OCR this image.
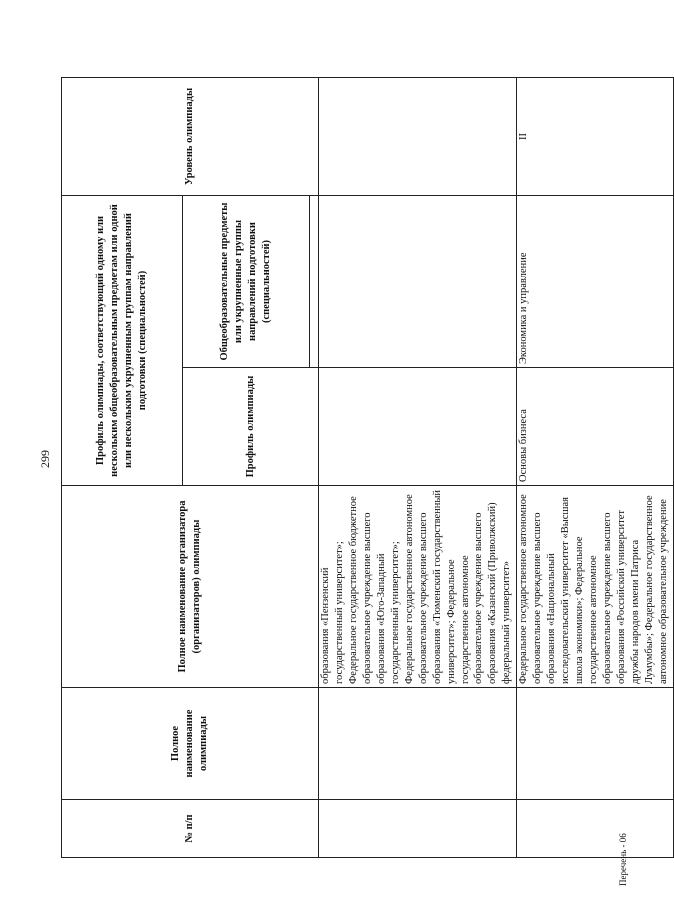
299
№ п/п	Полное наименование олимпиады	Полное наименование организатора (организаторов) олимпиады	Профиль олимпиады, соответствующий одному или нескольким общеобразовательным предметам или одной или нескольким укрупненным группам направлений подготовки (специальностей)		Уровень олимпиады
			Профиль олимпиады	Общеобразовательные предметы или укрупненные группы направлений подготовки (специальностей)	

		образования «Пензенский государственный университет»; Федеральное государственное бюджетное образовательное учреждение высшего образования «Юго-Западный государственный университет»; Федеральное государственное автономное образовательное учреждение высшего образования «Тюменский государственный университет»; Федеральное государственное автономное образовательное учреждение высшего образования «Казанский (Приволжский) федеральный университет»			
		Федеральное государственное автономное образовательное учреждение высшего образования «Национальный исследовательский университет «Высшая школа экономики»; Федеральное государственное автономное образовательное учреждение высшего образования «Российский университет дружбы народов имени Патриса Лумумбы»; Федеральное государственное автономное образовательное учреждение	Основы бизнеса	Экономика и управление	II
Перечень - 06
